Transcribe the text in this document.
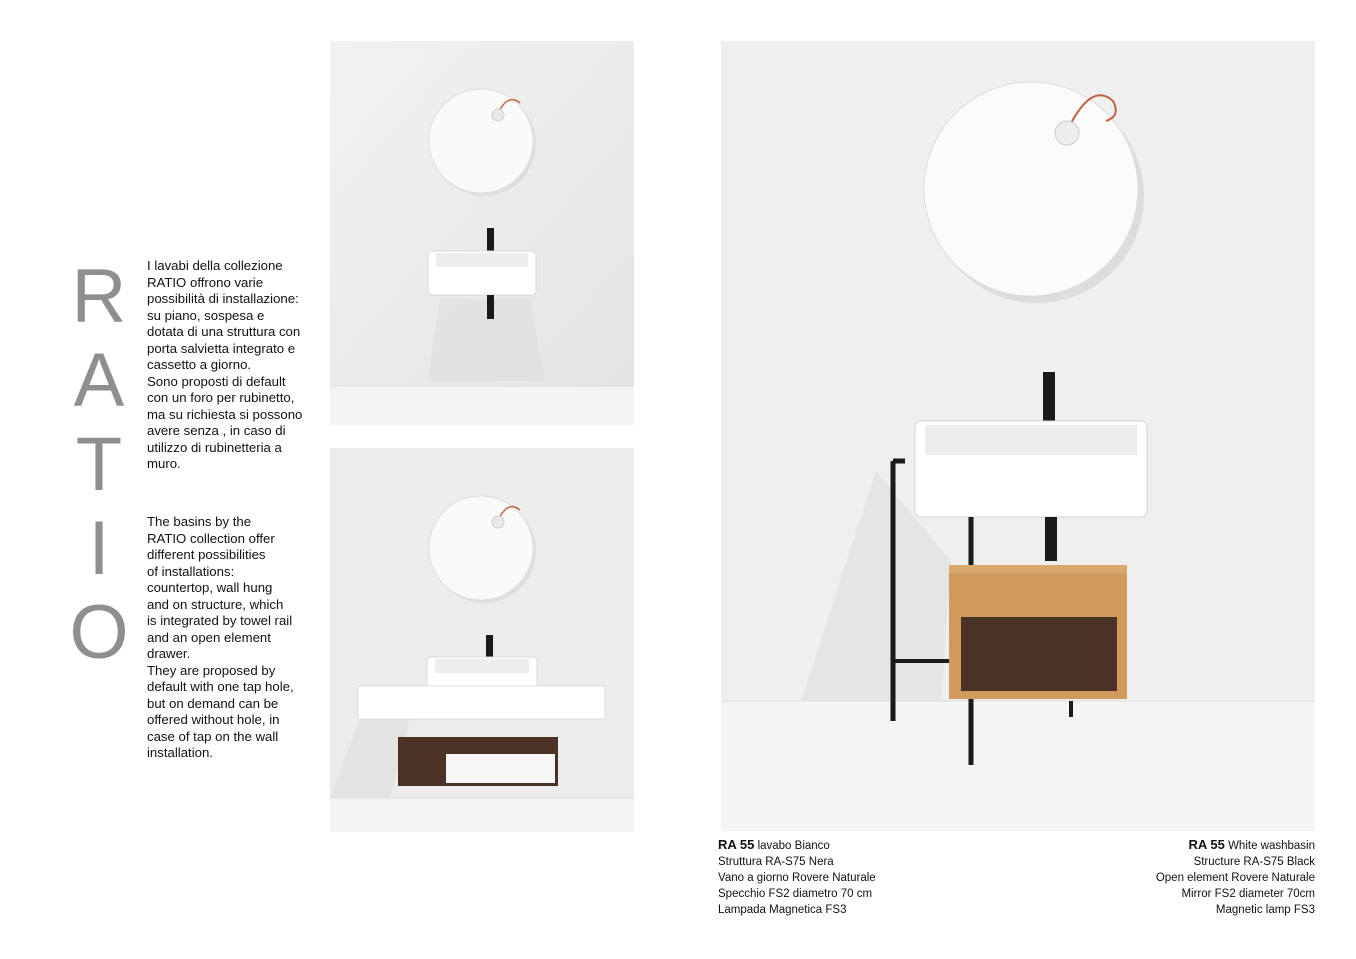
R
A
T
I
O
I lavabi della collezione
RATIO offrono varie
possibilità di installazione:
su piano, sospesa e
dotata di una struttura con
porta salvietta integrato e
cassetto a giorno.
Sono proposti di default
con un foro per rubinetto,
ma su richiesta si possono
avere senza , in caso di
utilizzo di rubinetteria a
muro.
The basins by the
RATIO collection offer
different possibilities
of installations:
countertop, wall hung
and on structure, which
is integrated by towel rail
and an open element
drawer.
They are proposed by
default with one tap hole,
but on demand can be
offered without hole, in
case of tap on the wall
installation.
RA 55 lavabo Bianco
Struttura RA-S75 Nera
Vano a giorno Rovere Naturale
Specchio FS2 diametro 70 cm
Lampada Magnetica FS3
RA 55 White washbasin
Structure RA-S75 Black
Open element Rovere Naturale
Mirror FS2 diameter 70cm
Magnetic lamp FS3
